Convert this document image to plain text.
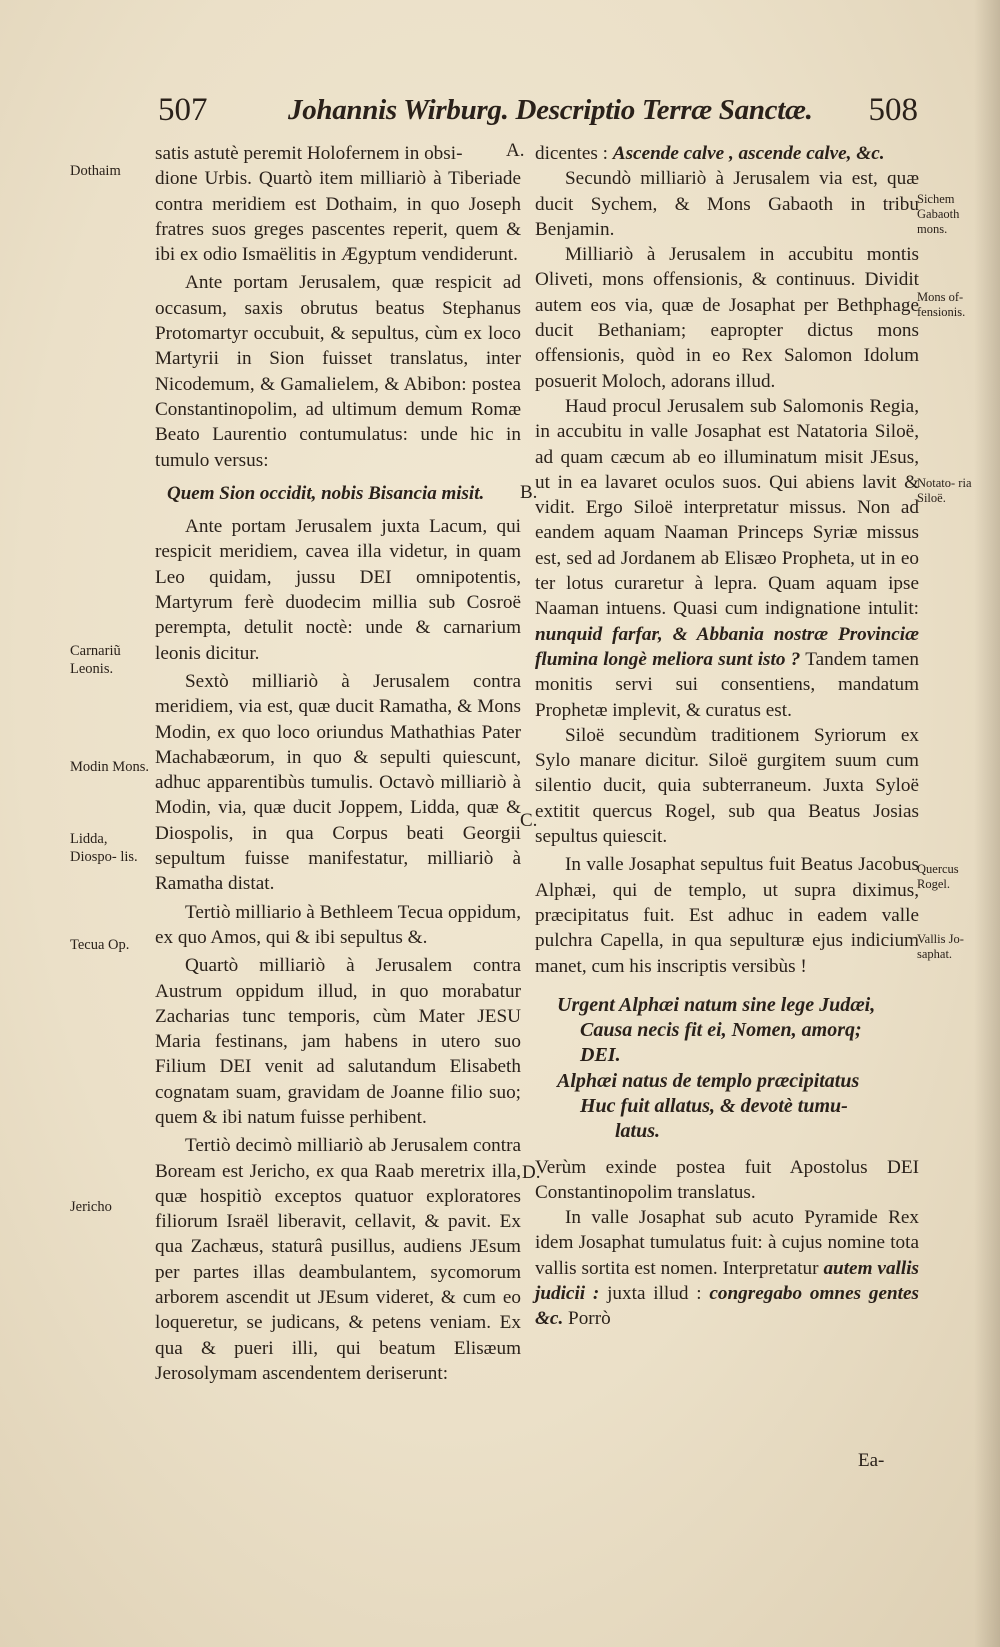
507	Johannis Wirburg. Descriptio Terræ Sanctæ. 508

satis astutè peremit Holofernem in obsi-

dione Urbis. Quartò item milliariò à Tiberiade contra meridiem est Dothaim, in quo Joseph fratres suos greges pascentes reperit, quem & ibi ex odio Ismaëlitis in Ægyptum vendiderunt.

Ante portam Jerusalem, quæ respicit ad occasum, saxis obrutus beatus Stephanus Protomartyr occubuit, & sepultus, cùm ex loco Martyrii in Sion fuisset translatus, inter Nicodemum, & Gamalielem, & Abibon: postea Constantinopolim, ad ultimum demum Romæ Beato Laurentio contumulatus: unde hic in tumulo versus:

Quem Sion occidit, nobis Bisancia misit.

Ante portam Jerusalem juxta Lacum, qui respicit meridiem, cavea illa videtur, in quam Leo quidam, jussu DEI omnipotentis, Martyrum ferè duodecim millia sub Cosroë perempta, detulit noctè: unde & carnarium leonis dicitur.

Sextò milliariò à Jerusalem contra meridiem, via est, quæ ducit Ramatha, & Mons Modin, ex quo loco oriundus Mathathias Pater Machabæorum, in quo & sepulti quiescunt, adhuc apparentibùs tumulis. Octavò milliariò à Modin, via, quæ ducit Joppem, Lidda, quæ & Diospolis, in qua Corpus beati Georgii sepultum fuisse manifestatur, milliariò à Ramatha distat.

Tertiò milliario à Bethleem Tecua oppidum, ex quo Amos, qui & ibi sepultus &.

Quartò milliariò à Jerusalem contra Austrum oppidum illud, in quo morabatur Zacharias tunc temporis, cùm Mater JESU Maria festinans, jam habens in utero suo Filium DEI venit ad salutandum Elisabeth cognatam suam, gravidam de Joanne filio suo; quem & ibi natum fuisse perhibent.

Tertiò decimò milliariò ab Jerusalem contra Boream est Jericho, ex qua Raab meretrix illa, quæ hospitiò exceptos quatuor exploratores filiorum Israël liberavit, cellavit, & pavit. Ex qua Zachæus, staturâ pusillus, audiens JEsum per partes illas deambulantem, sycomorum arborem ascendit ut JEsum videret, & cum eo loqueretur, se judicans, & petens veniam. Ex qua & pueri illi, qui beatum Elisæum Jerosolymam ascendentem deriserunt:

dicentes : Ascende calve , ascende calve, &c.

Secundò milliariò à Jerusalem via est, quæ ducit Sychem, & Mons Gabaoth in tribu Benjamin.

Milliariò à Jerusalem in accubitu montis Oliveti, mons offensionis, & continuus. Dividit autem eos via, quæ de Josaphat per Bethphage ducit Bethaniam; eapropter dictus mons offensionis, quòd in eo Rex Salomon Idolum posuerit Moloch, adorans illud.

Haud procul Jerusalem sub Salomonis Regia, in accubitu in valle Josaphat est Natatoria Siloë, ad quam cæcum ab eo illuminatum misit JEsus, ut in ea lavaret oculos suos. Qui abiens lavit & vidit. Ergo Siloë interpretatur missus. Non ad eandem aquam Naaman Princeps Syriæ missus est, sed ad Jordanem ab Elisæo Propheta, ut in eo ter lotus curaretur à lepra. Quam aquam ipse Naaman intuens. Quasi cum indignatione intulit: nunquid farfar, & Abbania nostræ Provinciæ flumina longè meliora sunt isto ? Tandem tamen monitis servi sui consentiens, mandatum Prophetæ implevit, & curatus est.

Siloë secundùm traditionem Syriorum ex Sylo manare dicitur. Siloë gurgitem suum cum silentio ducit, quia subterraneum. Juxta Syloë extitit quercus Rogel, sub qua Beatus Josias sepultus quiescit.

In valle Josaphat sepultus fuit Beatus Jacobus Alphæi, qui de templo, ut supra diximus, præcipitatus fuit. Est adhuc in eadem valle pulchra Capella, in qua sepulturæ ejus indicium manet, cum his inscriptis versibùs !

Urgent Alphæi natum sine lege Judæi,

Causa necis fit ei, Nomen, amorq;

DEI.

Alphæi natus de templo præcipitatus

Huc fuit allatus, & devotè tumu-

latus.

Verùm exinde postea fuit Apostolus DEI Constantinopolim translatus.

In valle Josaphat sub acuto Pyramide Rex idem Josaphat tumulatus fuit: à cujus nomine tota vallis sortita est nomen. Interpretatur autem vallis judicii : juxta illud : congregabo omnes gentes &c. Porrò

Ea-
Dothaim
Carnariũ Leonis.
Modin Mons.
Lidda, Diospo- lis.
Tecua Op.
Jericho
Sichem Gabaoth mons.
Mons of- fensionis.
Notato- ria Siloë.
Quercus Rogel.
Vallis Jo- saphat.
A.
B.
C.
D.
